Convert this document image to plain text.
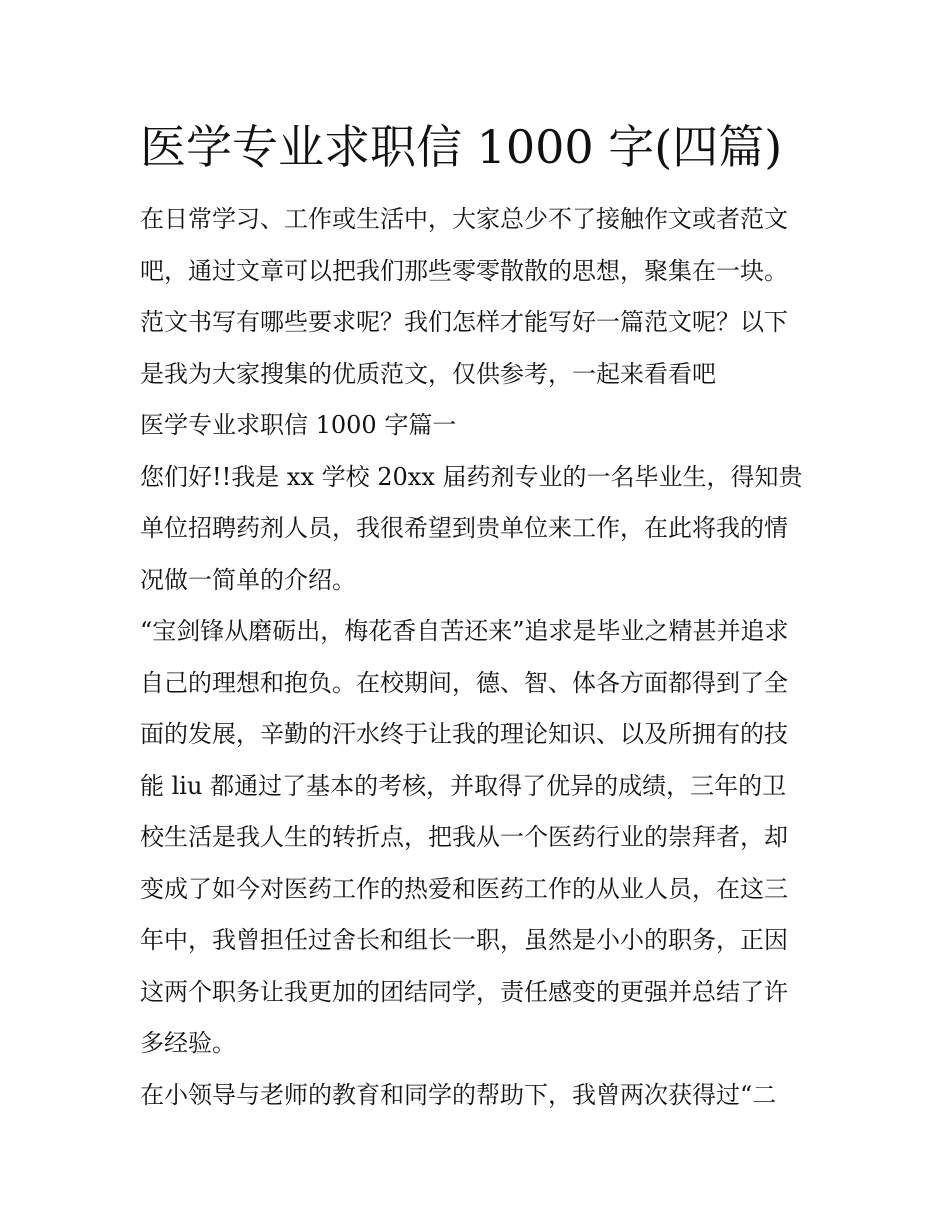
医学专业求职信 1000 字(四篇)
在日常学习、工作或生活中，大家总少不了接触作文或者范文
吧，通过文章可以把我们那些零零散散的思想，聚集在一块。
范文书写有哪些要求呢？我们怎样才能写好一篇范文呢？以下
是我为大家搜集的优质范文，仅供参考，一起来看看吧
医学专业求职信 1000 字篇一
您们好!!我是 xx 学校 20xx 届药剂专业的一名毕业生，得知贵
单位招聘药剂人员，我很希望到贵单位来工作，在此将我的情
况做一简单的介绍。
“宝剑锋从磨砺出，梅花香自苦还来”追求是毕业之精甚并追求
自己的理想和抱负。在校期间，德、智、体各方面都得到了全
面的发展，辛勤的汗水终于让我的理论知识、以及所拥有的技
能 liu 都通过了基本的考核，并取得了优异的成绩，三年的卫
校生活是我人生的转折点，把我从一个医药行业的崇拜者，却
变成了如今对医药工作的热爱和医药工作的从业人员，在这三
年中，我曾担任过舍长和组长一职，虽然是小小的职务，正因
这两个职务让我更加的团结同学，责任感变的更强并总结了许
多经验。
在小领导与老师的教育和同学的帮助下，我曾两次获得过“二
